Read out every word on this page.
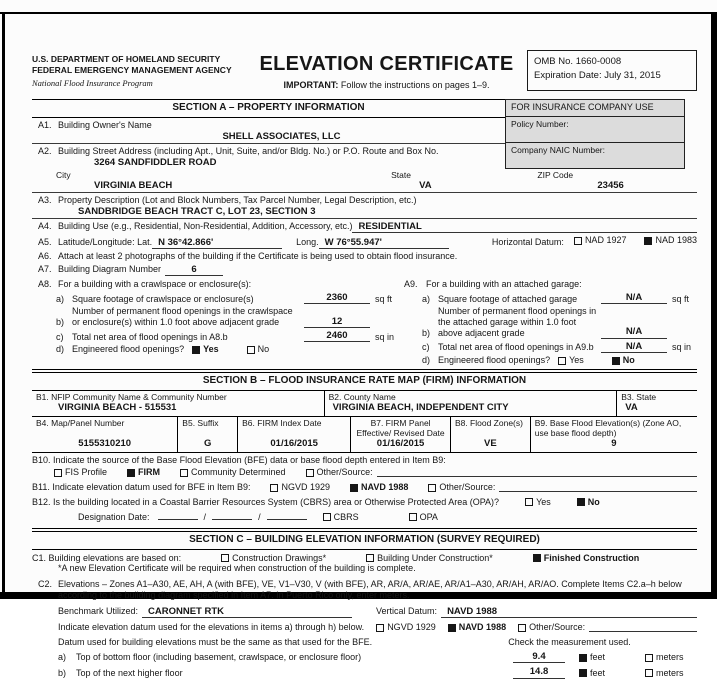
U.S. DEPARTMENT OF HOMELAND SECURITY
FEDERAL EMERGENCY MANAGEMENT AGENCY
National Flood Insurance Program
ELEVATION CERTIFICATE
IMPORTANT: Follow the instructions on pages 1–9.
OMB No. 1660-0008
Expiration Date: July 31, 2015
SECTION A – PROPERTY INFORMATION
A1. Building Owner's Name
SHELL ASSOCIATES, LLC
A2. Building Street Address (including Apt., Unit, Suite, and/or Bldg. No.) or P.O. Route and Box No.
3264 SANDFIDDLER ROAD
FOR INSURANCE COMPANY USE
Policy Number:
Company NAIC Number:
City
VIRGINIA BEACH
State
VA
ZIP Code
23456
A3. Property Description (Lot and Block Numbers, Tax Parcel Number, Legal Description, etc.)
SANDBRIDGE BEACH TRACT C, LOT 23, SECTION 3
A4. Building Use (e.g., Residential, Non-Residential, Addition, Accessory, etc.) RESIDENTIAL
A5. Latitude/Longitude: Lat. N 36°42.866'	Long. W 76°55.947'	Horizontal Datum:	NAD 1927	NAD 1983
A6. Attach at least 2 photographs of the building if the Certificate is being used to obtain flood insurance.
A7. Building Diagram Number	6
A8. For a building with a crawlspace or enclosure(s):
a) Square footage of crawlspace or enclosure(s)	2360	sq ft
b)
Number of permanent flood openings in the crawlspace or enclosure(s) within 1.0 foot above adjacent grade	12
c) Total net area of flood openings in A8.b	2460	sq in
d) Engineered flood openings? Yes	No
A9. For a building with an attached garage:
a) Square footage of attached garage	N/A	sq ft
b)
Number of permanent flood openings in the attached garage within 1.0 foot above adjacent grade	N/A
c) Total net area of flood openings in A9.b	N/A	sq in
d) Engineered flood openings? Yes	No
SECTION B – FLOOD INSURANCE RATE MAP (FIRM) INFORMATION
B1. NFIP Community Name & Community Number
VIRGINIA BEACH - 515531
B2. County Name
VIRGINIA BEACH, INDEPENDENT CITY
B3. State
VA
B4. Map/Panel Number
5155310210
B5. Suffix
G
B6. FIRM Index Date
01/16/2015
B7. FIRM Panel Effective/ Revised Date
01/16/2015
B8. Flood Zone(s)
VE
B9. Base Flood Elevation(s) (Zone AO, use base flood depth)
9
B10. Indicate the source of the Base Flood Elevation (BFE) data or base flood depth entered in Item B9:
FIS Profile	FIRM	Community Determined	Other/Source:
B11. Indicate elevation datum used for BFE in Item B9:	NGVD 1929	NAVD 1988	Other/Source:
B12. Is the building located in a Coastal Barrier Resources System (CBRS) area or Otherwise Protected Area (OPA)?	Yes	No
Designation Date:	/	/	CBRS	OPA
SECTION C – BUILDING ELEVATION INFORMATION (SURVEY REQUIRED)
C1. Building elevations are based on:	Construction Drawings*	Building Under Construction*	Finished Construction
*A new Elevation Certificate will be required when construction of the building is complete.
C2. Elevations – Zones A1–A30, AE, AH, A (with BFE), VE, V1–V30, V (with BFE), AR, AR/A, AR/AE, AR/A1–A30, AR/AH, AR/AO. Complete Items C2.a–h below according to the building diagram specified in Item A7. In Puerto Rico only, enter meters.
Benchmark Utilized:	CARONNET RTK	Vertical Datum:	NAVD 1988
Indicate elevation datum used for the elevations in items a) through h) below.	NGVD 1929	NAVD 1988	Other/Source:
Datum used for building elevations must be the same as that used for the BFE.	Check the measurement used.
a)	Top of bottom floor (including basement, crawlspace, or enclosure floor)	9.4	feet	meters
b)	Top of the next higher floor	14.8	feet	meters
